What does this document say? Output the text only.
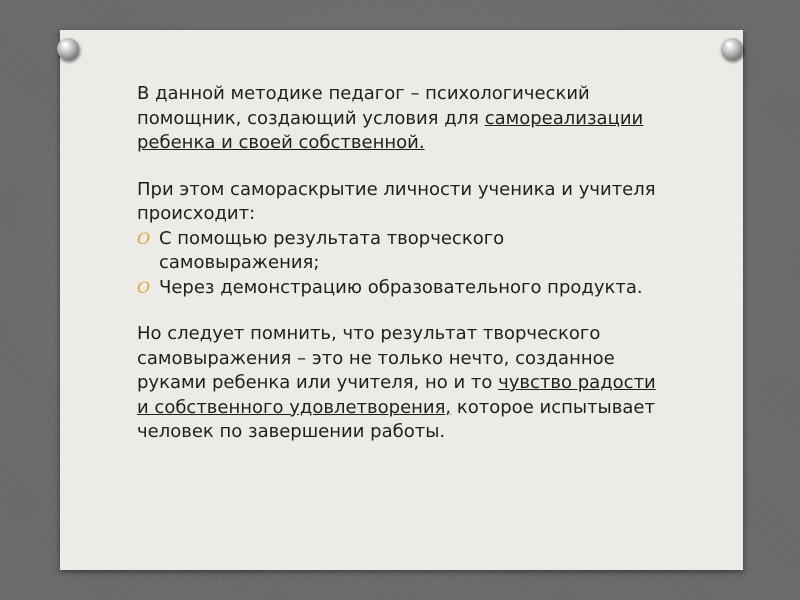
В данной методике педагог – психологический помощник, создающий условия для самореализации ребенка и своей собственной.

При этом самораскрытие личности ученика и учителя происходит:
O С помощью результата творческого самовыражения;
O Через демонстрацию образовательного продукта.

Но следует помнить, что результат творческого самовыражения – это не только нечто, созданное руками ребенка или учителя, но и то чувство радости и собственного удовлетворения, которое испытывает человек по завершении работы.
